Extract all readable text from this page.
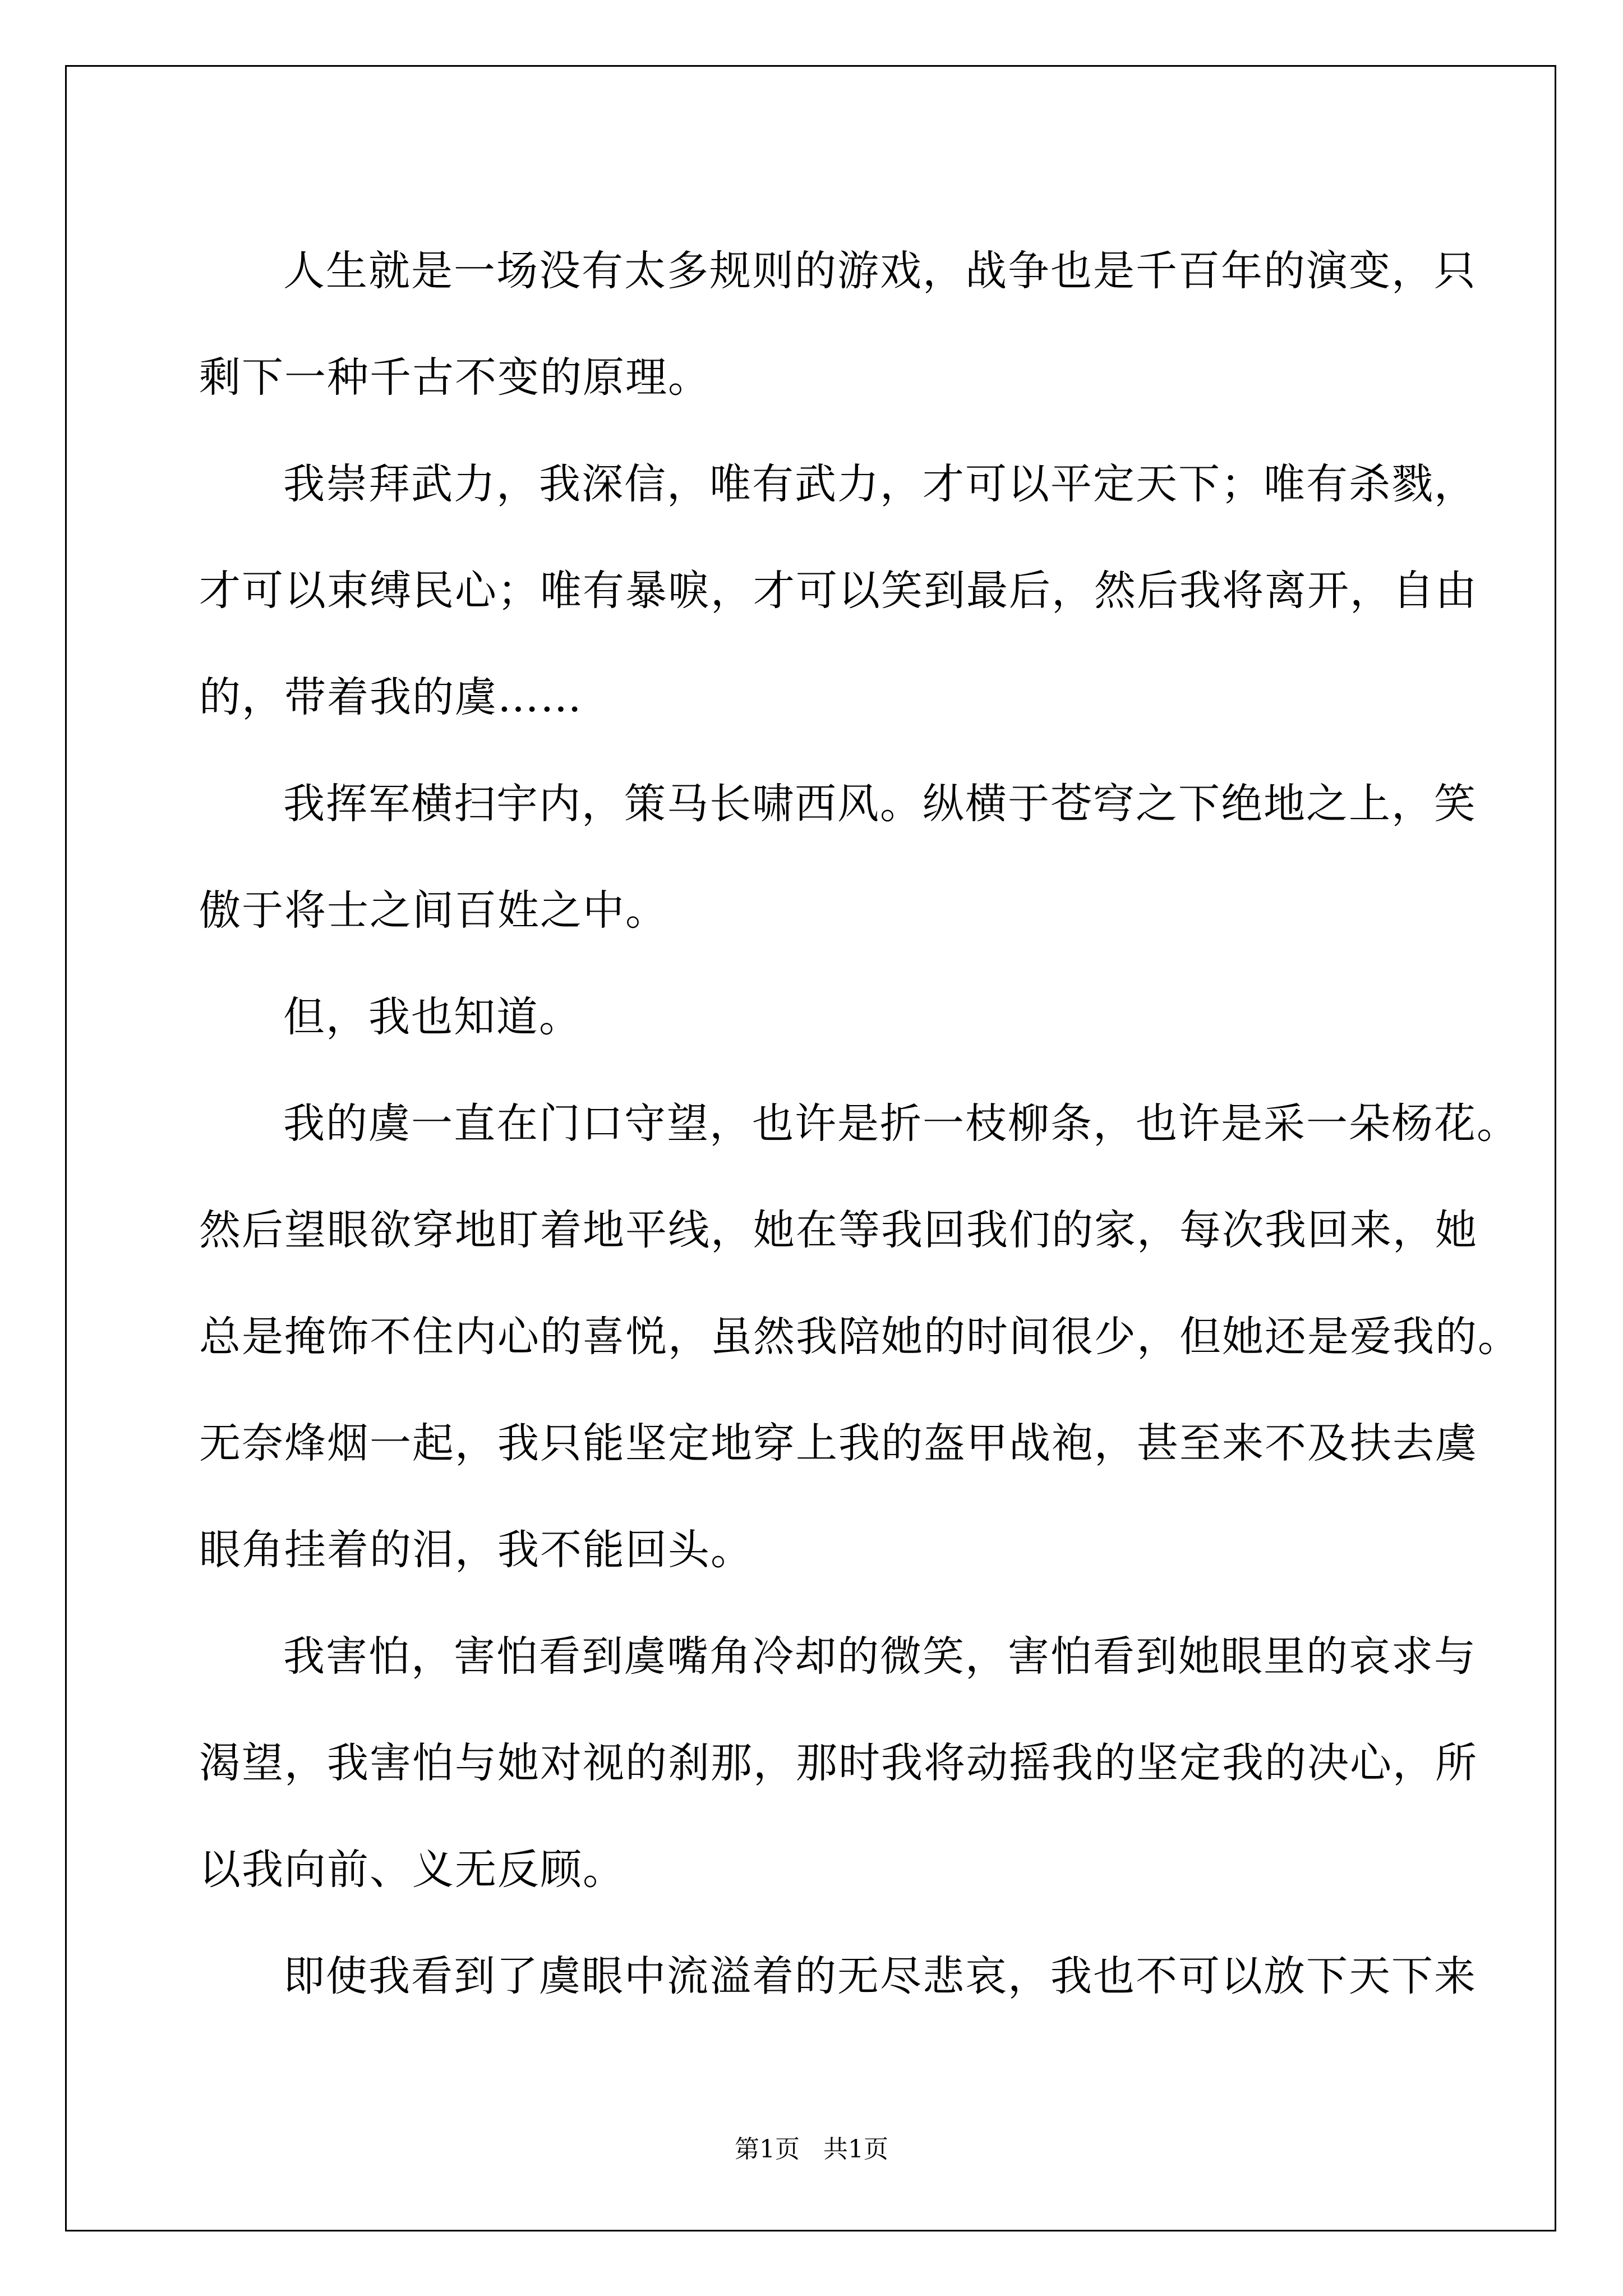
人生就是一场没有太多规则的游戏，战争也是千百年的演变，只
剩下一种千古不变的原理。

我崇拜武力，我深信，唯有武力，才可以平定天下；唯有杀戮，
才可以束缚民心；唯有暴唳，才可以笑到最后，然后我将离开，自由
的，带着我的虞……

我挥军横扫宇内，策马长啸西风。纵横于苍穹之下绝地之上，笑
傲于将士之间百姓之中。

但，我也知道。

我的虞一直在门口守望，也许是折一枝柳条，也许是采一朵杨花。
然后望眼欲穿地盯着地平线，她在等我回我们的家，每次我回来，她
总是掩饰不住内心的喜悦，虽然我陪她的时间很少，但她还是爱我的。
无奈烽烟一起，我只能坚定地穿上我的盔甲战袍，甚至来不及扶去虞
眼角挂着的泪，我不能回头。

我害怕，害怕看到虞嘴角冷却的微笑，害怕看到她眼里的哀求与
渴望，我害怕与她对视的刹那，那时我将动摇我的坚定我的决心，所
以我向前、义无反顾。

即使我看到了虞眼中流溢着的无尽悲哀，我也不可以放下天下来

第1页 共1页
